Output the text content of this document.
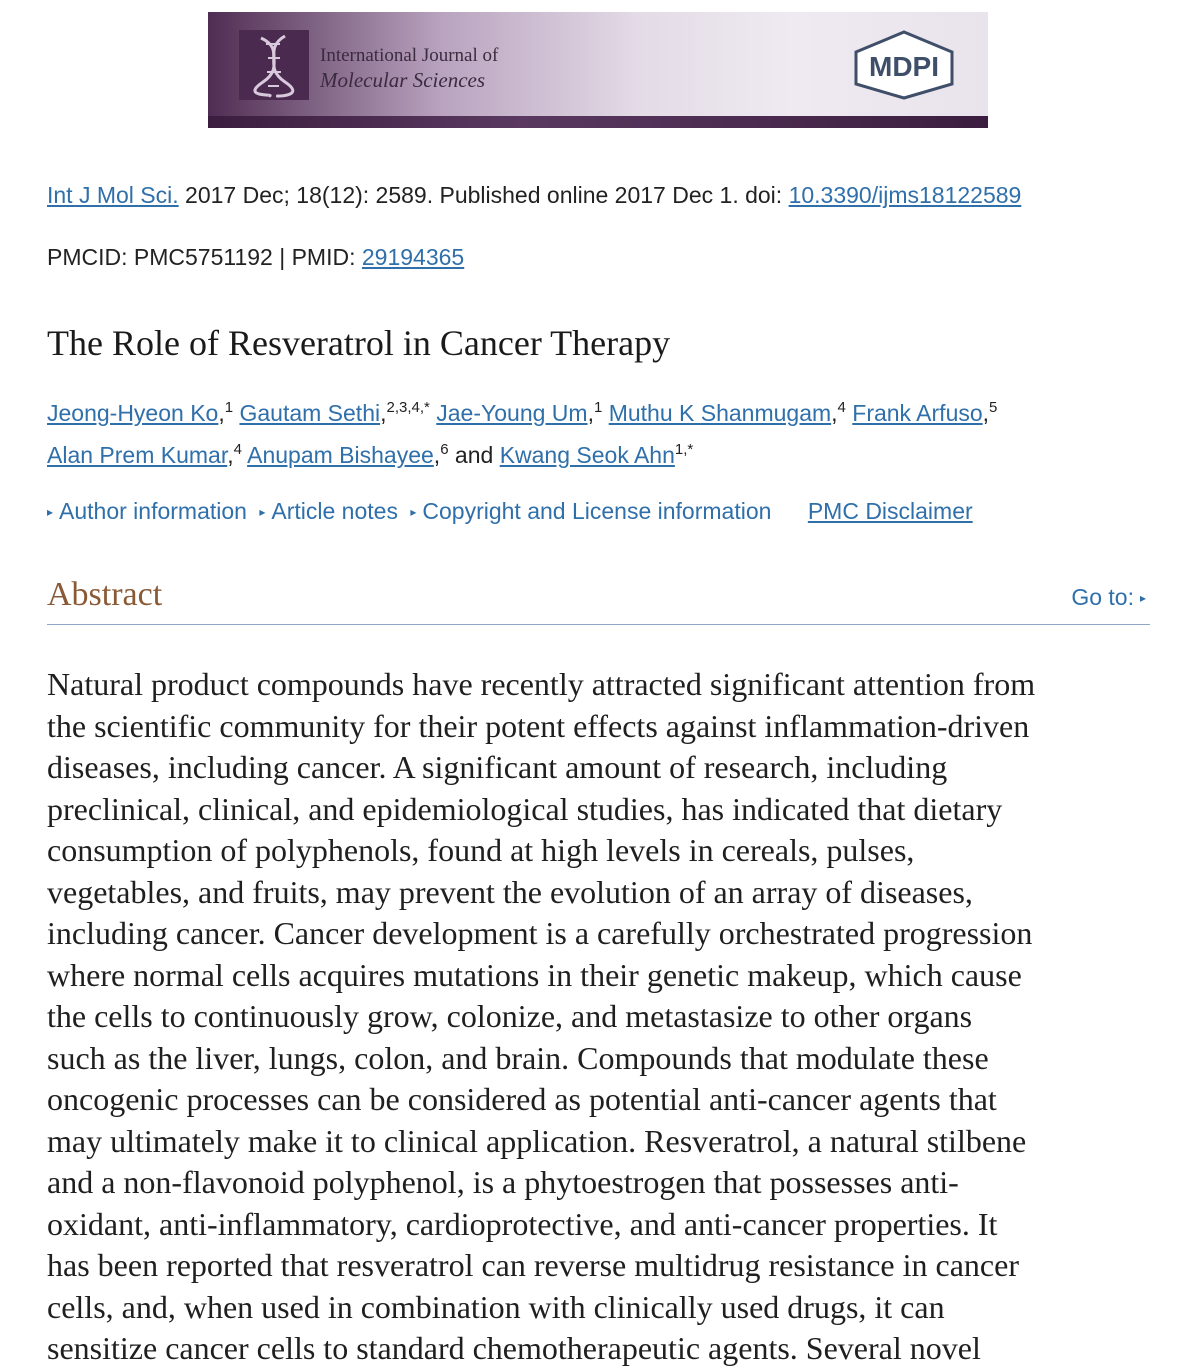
International Journal of
Molecular Sciences	MDPI
Int J Mol Sci. 2017 Dec; 18(12): 2589. Published online 2017 Dec 1. doi: 10.3390/ijms18122589
PMCID: PMC5751192 | PMID: 29194365
The Role of Resveratrol in Cancer Therapy
Jeong-Hyeon Ko,$^1$ Gautam Sethi,$^{2,3,4,*}$ Jae-Young Um,$^1$ Muthu K Shanmugam,$^4$ Frank Arfuso,$^5$
Alan Prem Kumar,$^4$ Anupam Bishayee,$^6$ and Kwang Seok Ahn$^{1,*}$
▸ Author information ▸ Article notes ▸ Copyright and License information PMC Disclaimer
Abstract	Go to: ▸
Natural product compounds have recently attracted significant attention from
the scientific community for their potent effects against inflammation-driven
diseases, including cancer. A significant amount of research, including
preclinical, clinical, and epidemiological studies, has indicated that dietary
consumption of polyphenols, found at high levels in cereals, pulses,
vegetables, and fruits, may prevent the evolution of an array of diseases,
including cancer. Cancer development is a carefully orchestrated progression
where normal cells acquires mutations in their genetic makeup, which cause
the cells to continuously grow, colonize, and metastasize to other organs
such as the liver, lungs, colon, and brain. Compounds that modulate these
oncogenic processes can be considered as potential anti-cancer agents that
may ultimately make it to clinical application. Resveratrol, a natural stilbene
and a non-flavonoid polyphenol, is a phytoestrogen that possesses anti-
oxidant, anti-inflammatory, cardioprotective, and anti-cancer properties. It
has been reported that resveratrol can reverse multidrug resistance in cancer
cells, and, when used in combination with clinically used drugs, it can
sensitize cancer cells to standard chemotherapeutic agents. Several novel
